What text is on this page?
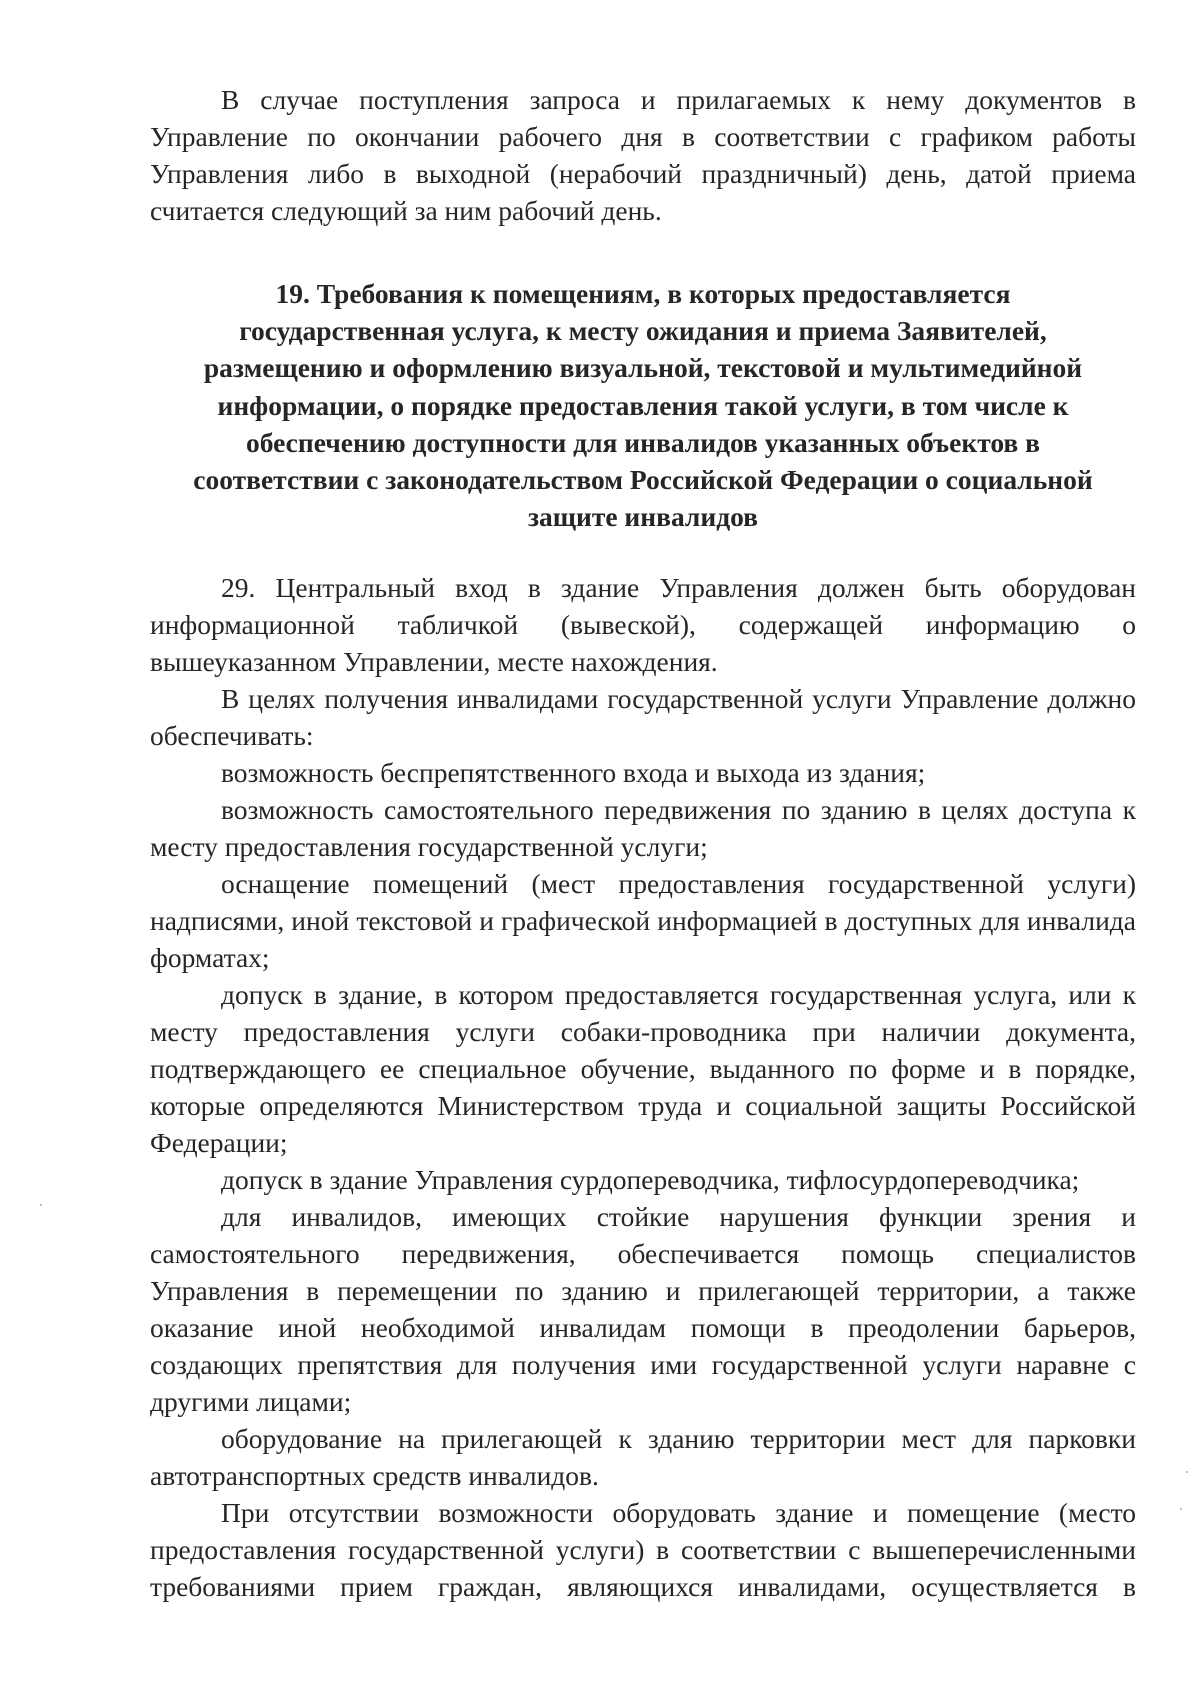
В случае поступления запроса и прилагаемых к нему документов в Управление по окончании рабочего дня в соответствии с графиком работы Управления либо в выходной (нерабочий праздничный) день, датой приема считается следующий за ним рабочий день.

19. Требования к помещениям, в которых предоставляется государственная услуга, к месту ожидания и приема Заявителей, размещению и оформлению визуальной, текстовой и мультимедийной информации, о порядке предоставления такой услуги, в том числе к обеспечению доступности для инвалидов указанных объектов в соответствии с законодательством Российской Федерации о социальной защите инвалидов

29. Центральный вход в здание Управления должен быть оборудован информационной табличкой (вывеской), содержащей информацию о вышеуказанном Управлении, месте нахождения.

В целях получения инвалидами государственной услуги Управление должно обеспечивать:

возможность беспрепятственного входа и выхода из здания;

возможность самостоятельного передвижения по зданию в целях доступа к месту предоставления государственной услуги;

оснащение помещений (мест предоставления государственной услуги) надписями, иной текстовой и графической информацией в доступных для инвалида форматах;

допуск в здание, в котором предоставляется государственная услуга, или к месту предоставления услуги собаки-проводника при наличии документа, подтверждающего ее специальное обучение, выданного по форме и в порядке, которые определяются Министерством труда и социальной защиты Российской Федерации;

допуск в здание Управления сурдопереводчика, тифлосурдопереводчика;

для инвалидов, имеющих стойкие нарушения функции зрения и самостоятельного передвижения, обеспечивается помощь специалистов Управления в перемещении по зданию и прилегающей территории, а также оказание иной необходимой инвалидам помощи в преодолении барьеров, создающих препятствия для получения ими государственной услуги наравне с другими лицами;

оборудование на прилегающей к зданию территории мест для парковки автотранспортных средств инвалидов.

При отсутствии возможности оборудовать здание и помещение (место предоставления государственной услуги) в соответствии с вышеперечисленными требованиями прием граждан, являющихся инвалидами, осуществляется в
